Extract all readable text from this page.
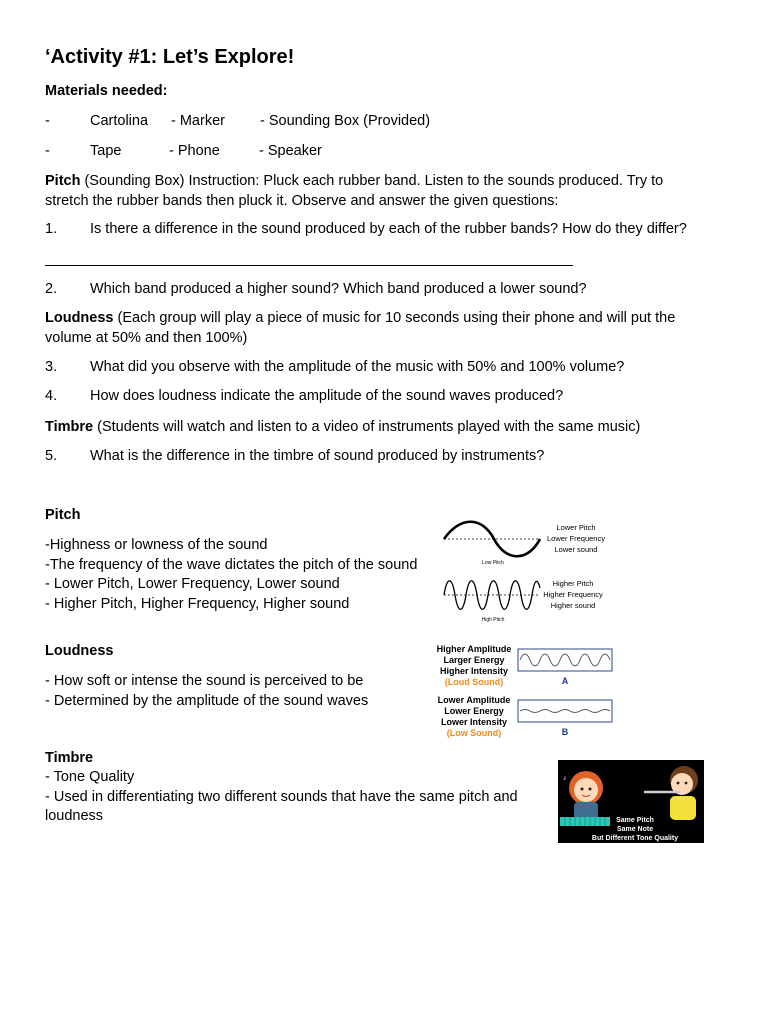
‘Activity #1: Let’s Explore!
Materials needed:
-	Cartolina - Marker - Sounding Box (Provided)
-	Tape	- Phone	- Speaker
Pitch (Sounding Box) Instruction: Pluck each rubber band. Listen to the sounds produced. Try to
stretch the rubber bands then pluck it. Observe and answer the given questions:
1. Is there a difference in the sound produced by each of the rubber bands? How do they differ?
2. Which band produced a higher sound? Which band produced a lower sound?
Loudness (Each group will play a piece of music for 10 seconds using their phone and will put the
volume at 50% and then 100%)
3. What did you observe with the amplitude of the music with 50% and 100% volume?
4. How does loudness indicate the amplitude of the sound waves produced?
Timbre (Students will watch and listen to a video of instruments played with the same music)
5. What is the difference in the timbre of sound produced by instruments?
Pitch
-Highness or lowness of the sound
-The frequency of the wave dictates the pitch of the sound
- Lower Pitch, Lower Frequency, Lower sound
- Higher Pitch, Higher Frequency, Higher sound
Lower Pitch
Lower Frequency
Lower sound
Low Pitch
Higher Pitch
Higher Frequency
Higher sound
High Pitch
Loudness
- How soft or intense the sound is perceived to be
- Determined by the amplitude of the sound waves
Higher Amplitude
Larger Energy
Higher Intensity
(Loud Sound)	A
Lower Amplitude
Lower Energy
Lower Intensity
(Low Sound)	B
Timbre
- Tone Quality
- Used in differentiating two different sounds that have the same pitch and
loudness
♪
Same Pitch
Same Note
But Different Tone Quality
